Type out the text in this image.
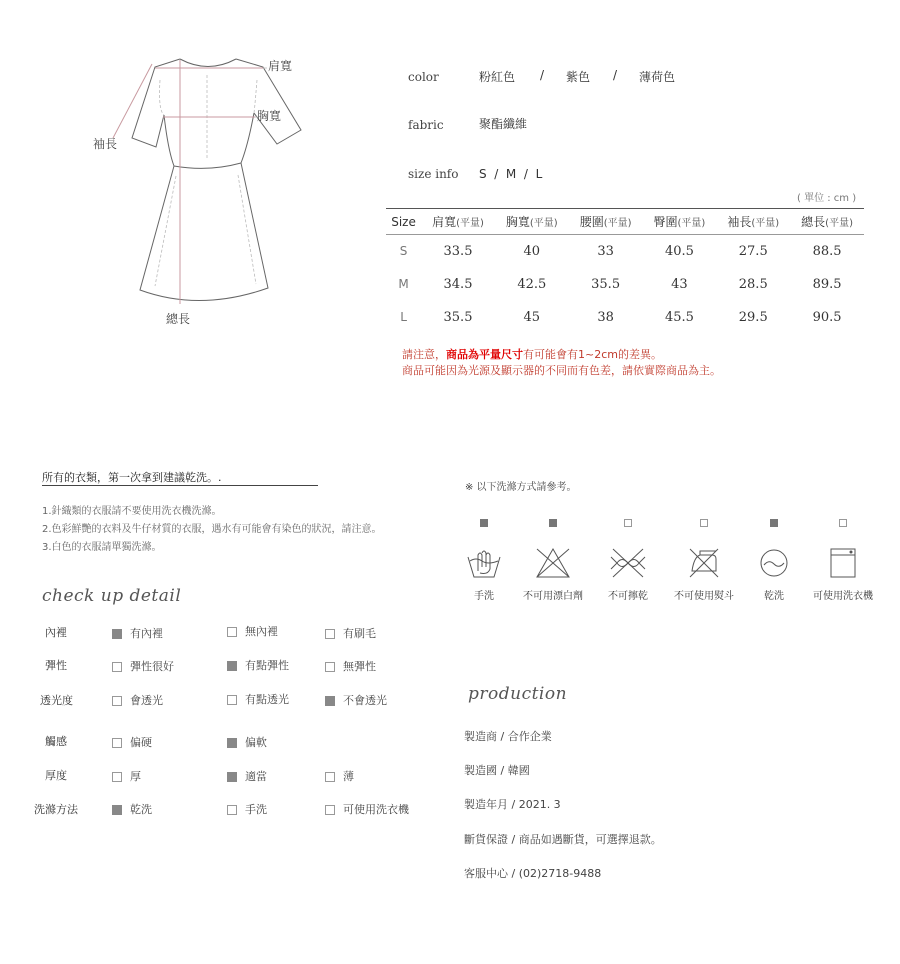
肩寬
胸寬
袖長
總長
color	粉紅色 / 紫色 / 薄荷色
fabric	聚酯纖維
size info S  /  M  /  L
( 單位 : cm )
Size	肩寬(平量)	胸寬(平量)	腰圍(平量)	臀圍(平量)	袖長(平量)	總長(平量)
S	33.5	40	33	40.5	27.5	88.5
M	34.5	42.5	35.5	43	28.5	89.5
L	35.5	45	38	45.5	29.5	90.5
請注意，商品為平量尺寸有可能會有1~2cm的差異。
商品可能因為光源及顯示器的不同而有色差，請依實際商品為主。
所有的衣類，第一次拿到建議乾洗。.
1.針織類的衣服請不要使用洗衣機洗滌。
2.色彩鮮艷的衣料及牛仔材質的衣服，遇水有可能會有染色的狀況，請注意。
3.白色的衣服請單獨洗滌。
※ 以下洗滌方式請參考。
手洗	不可用漂白劑	不可擰乾	不可使用熨斗	乾洗	可使用洗衣機
check up detail
內裡	有內裡	無內裡	有刷毛
彈性	彈性很好	有點彈性	無彈性
透光度	會透光	有點透光	不會透光
觸感	偏硬	偏軟
厚度	厚	適當	薄
洗滌方法	乾洗	手洗	可使用洗衣機
production
製造商 / 合作企業
製造國 / 韓國
製造年月 / 2021. 3
斷貨保證 / 商品如遇斷貨，可選擇退款。
客服中心 / (02)2718-9488
